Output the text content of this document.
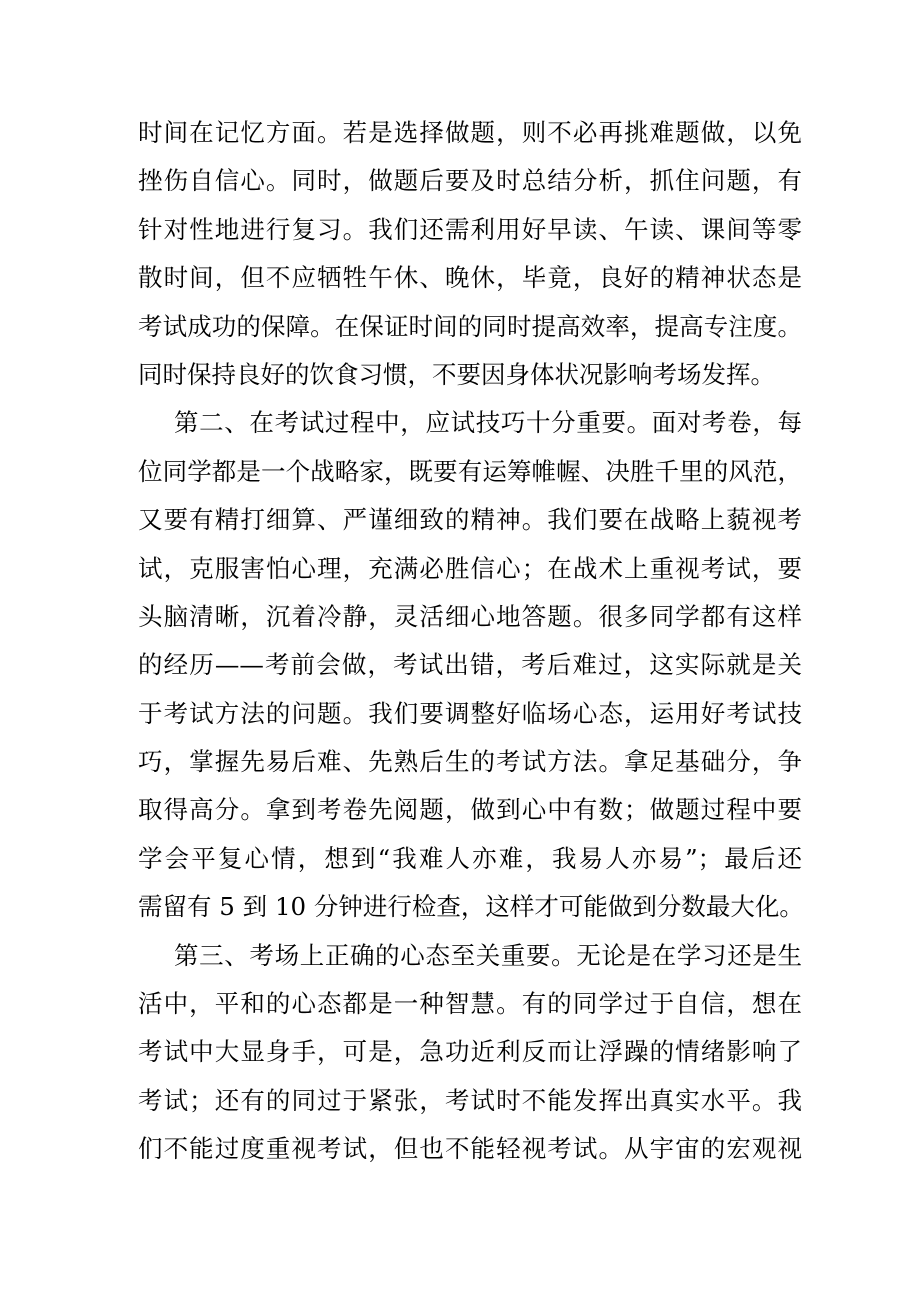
时间在记忆方面。若是选择做题，则不必再挑难题做，以免
挫伤自信心。同时，做题后要及时总结分析，抓住问题，有
针对性地进行复习。我们还需利用好早读、午读、课间等零
散时间，但不应牺牲午休、晚休，毕竟，良好的精神状态是
考试成功的保障。在保证时间的同时提高效率，提高专注度。
同时保持良好的饮食习惯，不要因身体状况影响考场发挥。
第二、在考试过程中，应试技巧十分重要。面对考卷，每
位同学都是一个战略家，既要有运筹帷幄、决胜千里的风范，
又要有精打细算、严谨细致的精神。我们要在战略上藐视考
试，克服害怕心理，充满必胜信心；在战术上重视考试，要
头脑清晰，沉着冷静，灵活细心地答题。很多同学都有这样
的经历——考前会做，考试出错，考后难过，这实际就是关
于考试方法的问题。我们要调整好临场心态，运用好考试技
巧，掌握先易后难、先熟后生的考试方法。拿足基础分，争
取得高分。拿到考卷先阅题，做到心中有数；做题过程中要
学会平复心情，想到“我难人亦难，我易人亦易”；最后还
需留有 5 到 10 分钟进行检查，这样才可能做到分数最大化。
第三、考场上正确的心态至关重要。无论是在学习还是生
活中，平和的心态都是一种智慧。有的同学过于自信，想在
考试中大显身手，可是，急功近利反而让浮躁的情绪影响了
考试；还有的同过于紧张，考试时不能发挥出真实水平。我
们不能过度重视考试，但也不能轻视考试。从宇宙的宏观视
